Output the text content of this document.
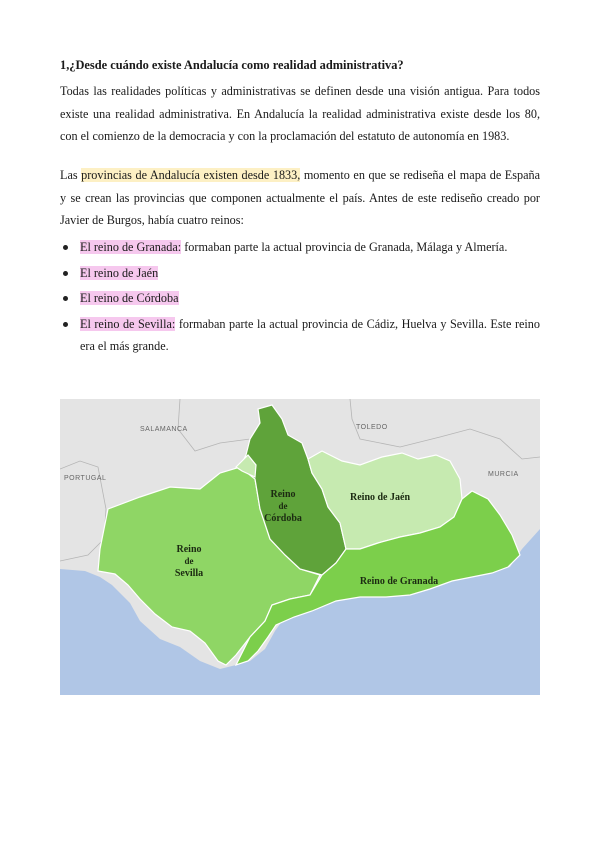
1,¿Desde cuándo existe Andalucía como realidad administrativa?

Todas las realidades políticas y administrativas se definen desde una visión antigua. Para todos existe una realidad administrativa. En Andalucía la realidad administrativa existe desde los 80, con el comienzo de la democracia y con la proclamación del estatuto de autonomía en 1983.

Las provincias de Andalucía existen desde 1833, momento en que se rediseña el mapa de España y se crean las provincias que componen actualmente el país. Antes de este rediseño creado por Javier de Burgos, había cuatro reinos:

El reino de Granada: formaban parte la actual provincia de Granada, Málaga y Almería.
El reino de Jaén
El reino de Córdoba
El reino de Sevilla: formaban parte la actual provincia de Cádiz, Huelva y Sevilla. Este reino era el más grande.
SALAMANCA	TOLEDO
PORTUGAL
MURCIA
Reino
de
Córdoba
Reino de Jaén
Reino
de
Sevilla
Reino de Granada
